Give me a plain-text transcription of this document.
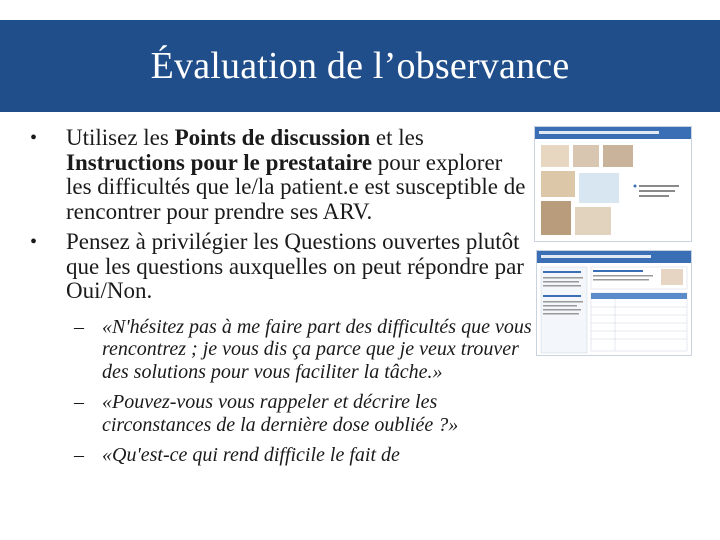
Évaluation de l’observance
• Utilisez les Points de discussion et les Instructions pour le prestataire pour explorer les difficultés que le/la patient.e est susceptible de rencontrer pour prendre ses ARV.
• Pensez à privilégier les Questions ouvertes plutôt que les questions auxquelles on peut répondre par Oui/Non.
– «N'hésitez pas à me faire part des difficultés que vous rencontrez ; je vous dis ça parce que je veux trouver des solutions pour vous faciliter la tâche.»
– «Pouvez-vous vous rappeler et décrire les circonstances de la dernière dose oubliée ?»
– «Qu'est-ce qui rend difficile le fait de
